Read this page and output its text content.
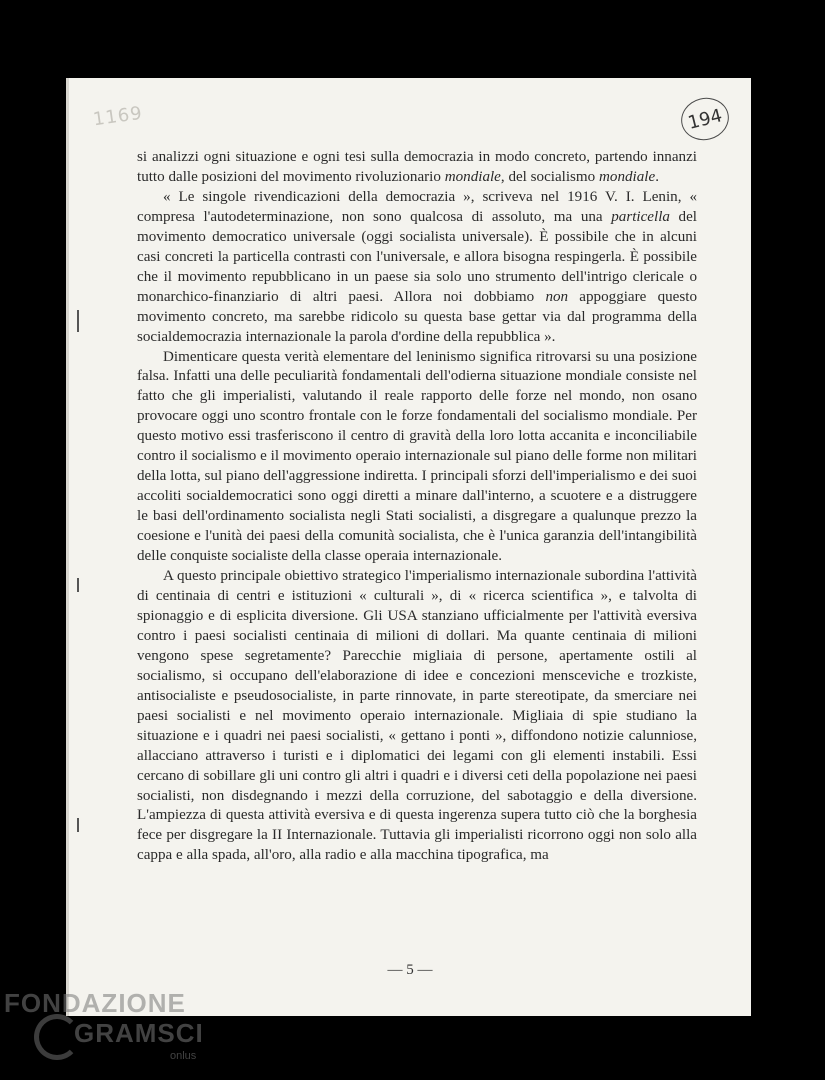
1169	194

si analizzi ogni situazione e ogni tesi sulla democrazia in modo concreto, partendo innanzi tutto dalle posizioni del movimento rivoluzionario mondiale, del socialismo mondiale.

« Le singole rivendicazioni della democrazia », scriveva nel 1916 V. I. Lenin, « compresa l'autodeterminazione, non sono qualcosa di assoluto, ma una particella del movimento democratico universale (oggi socialista universale). È possibile che in alcuni casi concreti la particella contrasti con l'universale, e allora bisogna respingerla. È possibile che il movimento repubblicano in un paese sia solo uno strumento dell'intrigo clericale o monarchico-finanziario di altri paesi. Allora noi dobbiamo non appoggiare questo movimento concreto, ma sarebbe ridicolo su questa base gettar via dal programma della socialdemocrazia internazionale la parola d'ordine della repubblica ».

Dimenticare questa verità elementare del leninismo significa ritrovarsi su una posizione falsa. Infatti una delle peculiarità fondamentali dell'odierna situazione mondiale consiste nel fatto che gli imperialisti, valutando il reale rapporto delle forze nel mondo, non osano provocare oggi uno scontro frontale con le forze fondamentali del socialismo mondiale. Per questo motivo essi trasferiscono il centro di gravità della loro lotta accanita e inconciliabile contro il socialismo e il movimento operaio internazionale sul piano delle forme non militari della lotta, sul piano dell'aggressione indiretta. I principali sforzi dell'imperialismo e dei suoi accoliti socialdemocratici sono oggi diretti a minare dall'interno, a scuotere e a distruggere le basi dell'ordinamento socialista negli Stati socialisti, a disgregare a qualunque prezzo la coesione e l'unità dei paesi della comunità socialista, che è l'unica garanzia dell'intangibilità delle conquiste socialiste della classe operaia internazionale.

A questo principale obiettivo strategico l'imperialismo internazionale subordina l'attività di centinaia di centri e istituzioni « culturali », di « ricerca scientifica », e talvolta di spionaggio e di esplicita diversione. Gli USA stanziano ufficialmente per l'attività eversiva contro i paesi socialisti centinaia di milioni di dollari. Ma quante centinaia di milioni vengono spese segretamente? Parecchie migliaia di persone, apertamente ostili al socialismo, si occupano dell'elaborazione di idee e concezioni mensceviche e trozkiste, antisocialiste e pseudosocialiste, in parte rinnovate, in parte stereotipate, da smerciare nei paesi socialisti e nel movimento operaio internazionale. Migliaia di spie studiano la situazione e i quadri nei paesi socialisti, « gettano i ponti », diffondono notizie calunniose, allacciano attraverso i turisti e i diplomatici dei legami con gli elementi instabili. Essi cercano di sobillare gli uni contro gli altri i quadri e i diversi ceti della popolazione nei paesi socialisti, non disdegnando i mezzi della corruzione, del sabotaggio e della diversione. L'ampiezza di questa attività eversiva e di questa ingerenza supera tutto ciò che la borghesia fece per disgregare la II Internazionale. Tuttavia gli imperialisti ricorrono oggi non solo alla cappa e alla spada, all'oro, alla radio e alla macchina tipografica, ma

— 5 —
FONDAZIONE
GRAMSCI
onlus
